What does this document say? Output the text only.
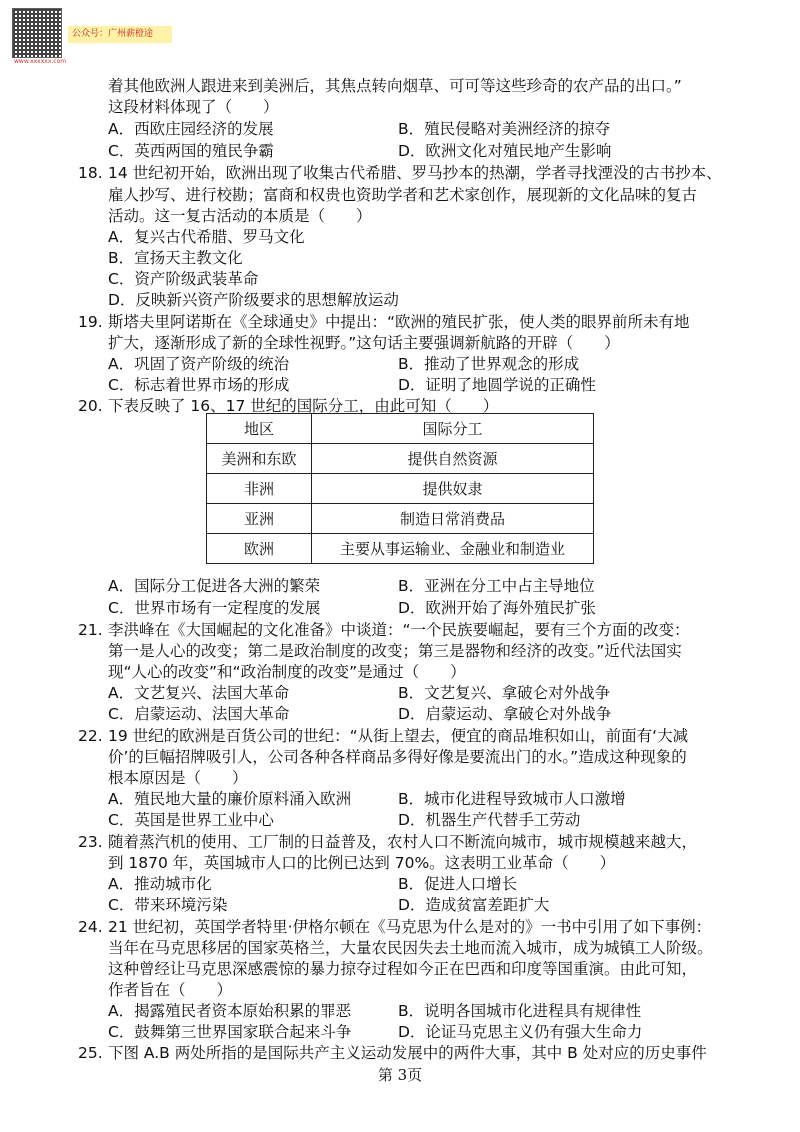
www.xxxxxx.com
公众号：广州薪橙途
着其他欧洲人跟进来到美洲后，其焦点转向烟草、可可等这些珍奇的农产品的出口。”
这段材料体现了（　　）
A．西欧庄园经济的发展	B．殖民侵略对美洲经济的掠夺
C．英西两国的殖民争霸	D．欧洲文化对殖民地产生影响
18. 14 世纪初开始，欧洲出现了收集古代希腊、罗马抄本的热潮，学者寻找湮没的古书抄本、
雇人抄写、进行校勘；富商和权贵也资助学者和艺术家创作，展现新的文化品味的复古
活动。这一复古活动的本质是（　　）
A．复兴古代希腊、罗马文化
B．宣扬天主教文化
C．资产阶级武装革命
D．反映新兴资产阶级要求的思想解放运动
19. 斯塔夫里阿诺斯在《全球通史》中提出：“欧洲的殖民扩张，使人类的眼界前所未有地
扩大，逐渐形成了新的全球性视野。”这句话主要强调新航路的开辟（　　）
A．巩固了资产阶级的统治	B．推动了世界观念的形成
C．标志着世界市场的形成	D．证明了地圆学说的正确性
20. 下表反映了 16、17 世纪的国际分工，由此可知（　　）
地区	国际分工
美洲和东欧	提供自然资源
非洲	提供奴隶
亚洲	制造日常消费品
欧洲	主要从事运输业、金融业和制造业
A．国际分工促进各大洲的繁荣	B．亚洲在分工中占主导地位
C．世界市场有一定程度的发展	D．欧洲开始了海外殖民扩张
21. 李洪峰在《大国崛起的文化准备》中谈道：“一个民族要崛起，要有三个方面的改变：
第一是人心的改变；第二是政治制度的改变；第三是器物和经济的改变。”近代法国实
现“人心的改变”和“政治制度的改变”是通过（　　）
A．文艺复兴、法国大革命	B．文艺复兴、拿破仑对外战争
C．启蒙运动、法国大革命	D．启蒙运动、拿破仑对外战争
22. 19 世纪的欧洲是百货公司的世纪：“从街上望去，便宜的商品堆积如山，前面有‘大减
价’的巨幅招牌吸引人，公司各种各样商品多得好像是要流出门的水。”造成这种现象的
根本原因是（　　）
A．殖民地大量的廉价原料涌入欧洲	B．城市化进程导致城市人口激增
C．英国是世界工业中心	D．机器生产代替手工劳动
23. 随着蒸汽机的使用、工厂制的日益普及，农村人口不断流向城市，城市规模越来越大，
到 1870 年，英国城市人口的比例已达到 70%。这表明工业革命（　　）
A．推动城市化	B．促进人口增长
C．带来环境污染	D．造成贫富差距扩大
24. 21 世纪初，英国学者特里·伊格尔顿在《马克思为什么是对的》一书中引用了如下事例：
当年在马克思移居的国家英格兰，大量农民因失去土地而流入城市，成为城镇工人阶级。
这种曾经让马克思深感震惊的暴力掠夺过程如今正在巴西和印度等国重演。由此可知，
作者旨在（　　）
A．揭露殖民者资本原始积累的罪恶	B．说明各国城市化进程具有规律性
C．鼓舞第三世界国家联合起来斗争	D．论证马克思主义仍有强大生命力
25. 下图 A.B 两处所指的是国际共产主义运动发展中的两件大事，其中 B 处对应的历史事件
第 3页
